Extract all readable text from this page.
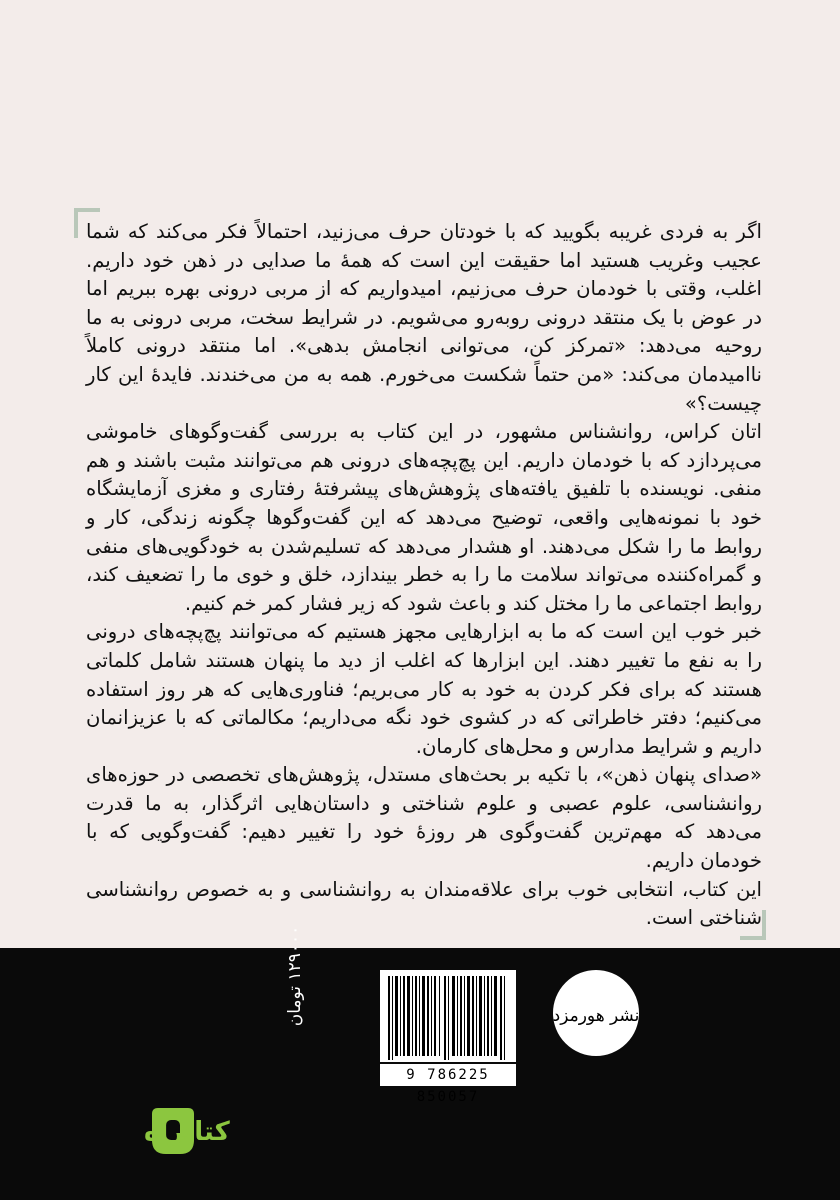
اگر به فردی غریبه بگویید که با خودتان حرف می‌زنید، احتمالاً فکر می‌کند که شما عجیب وغریب هستید اما حقیقت این است که همهٔ ما صدایی در ذهن خود داریم. اغلب، وقتی با خودمان حرف می‌زنیم، امیدواریم که از مربی درونی بهره ببریم اما در عوض با یک منتقد درونی روبه‌رو می‌شویم. در شرایط سخت، مربی درونی به ما روحیه می‌دهد: «تمرکز کن، می‌توانی انجامش بدهی». اما منتقد درونی کاملاً ناامیدمان می‌کند: «من حتماً شکست می‌خورم. همه به من می‌خندند. فایدهٔ این کار چیست؟»

اتان کراس، روانشناس مشهور، در این کتاب به بررسی گفت‌وگوهای خاموشی می‌پردازد که با خودمان داریم. این پچ‌پچه‌های درونی هم می‌توانند مثبت باشند و هم منفی. نویسنده با تلفیق یافته‌های پژوهش‌های پیشرفتهٔ رفتاری و مغزی آزمایشگاه خود با نمونه‌هایی واقعی، توضیح می‌دهد که این گفت‌وگوها چگونه زندگی، کار و روابط ما را شکل می‌دهند. او هشدار می‌دهد که تسلیم‌شدن به خودگویی‌های منفی و گمراه‌کننده می‌تواند سلامت ما را به خطر بیندازد، خلق و خوی ما را تضعیف کند، روابط اجتماعی ما را مختل کند و باعث شود که زیر فشار کمر خم کنیم.

خبر خوب این است که ما به ابزارهایی مجهز هستیم که می‌توانند پچ‌پچه‌های درونی را به نفع ما تغییر دهند. این ابزارها که اغلب از دید ما پنهان هستند شامل کلماتی هستند که برای فکر کردن به خود به کار می‌بریم؛ فناوری‌هایی که هر روز استفاده می‌کنیم؛ دفتر خاطراتی که در کشوی خود نگه می‌داریم؛ مکالماتی که با عزیزانمان داریم و شرایط مدارس و محل‌های کارمان.

«صدای پنهان ذهن»، با تکیه بر بحث‌های مستدل، پژوهش‌های تخصصی در حوزه‌های روانشناسی، علوم عصبی و علوم شناختی و داستان‌هایی اثرگذار، به ما قدرت می‌دهد که مهم‌ترین گفت‌وگوی هر روزهٔ خود را تغییر دهیم: گفت‌وگویی که با خودمان داریم.

این کتاب، انتخابی خوب برای علاقه‌مندان به روانشناسی و به خصوص روانشناسی شناختی است.

9 786225 850057
۱۲۹۰۰۰ تومان
نشر هورمزد
کتابراه
